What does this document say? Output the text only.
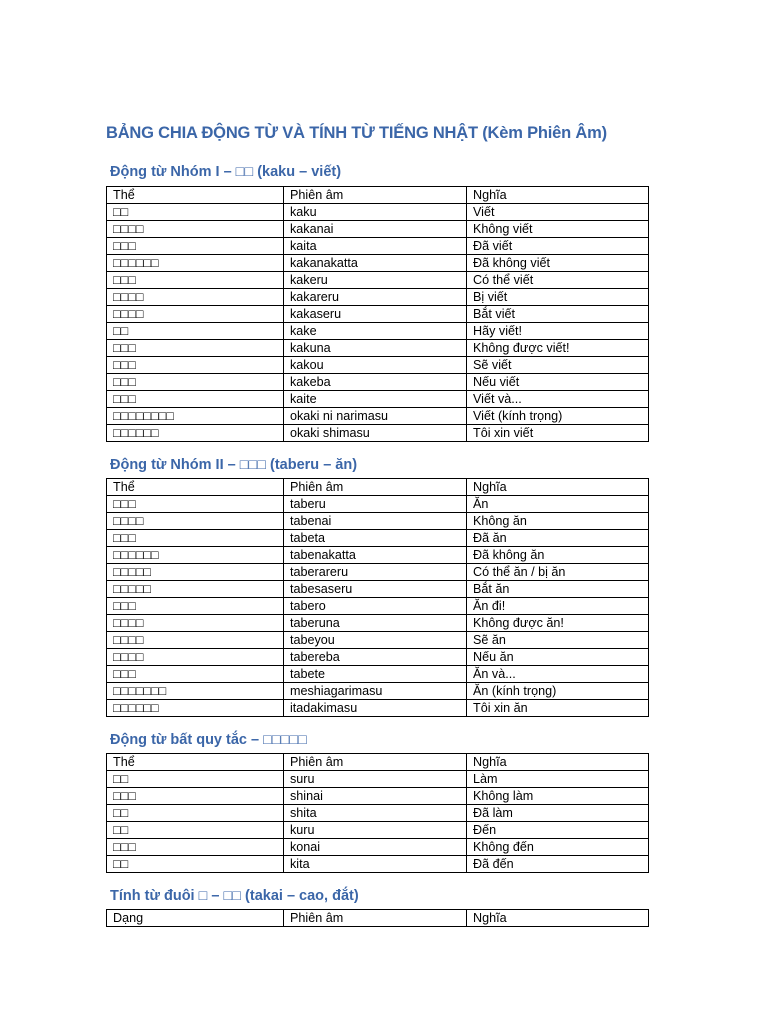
BẢNG CHIA ĐỘNG TỪ VÀ TÍNH TỪ TIẾNG NHẬT (Kèm Phiên Âm)
Động từ Nhóm I – □□ (kaku – viết)
Thể	Phiên âm	Nghĩa
□□	kaku	Viết
□□□□	kakanai	Không viết
□□□	kaita	Đã viết
□□□□□□	kakanakatta	Đã không viết
□□□	kakeru	Có thể viết
□□□□	kakareru	Bị viết
□□□□	kakaseru	Bắt viết
□□	kake	Hãy viết!
□□□	kakuna	Không được viết!
□□□	kakou	Sẽ viết
□□□	kakeba	Nếu viết
□□□	kaite	Viết và...
□□□□□□□□	okaki ni narimasu	Viết (kính trọng)
□□□□□□	okaki shimasu	Tôi xin viết
Động từ Nhóm II – □□□ (taberu – ăn)
Thể	Phiên âm	Nghĩa
□□□	taberu	Ăn
□□□□	tabenai	Không ăn
□□□	tabeta	Đã ăn
□□□□□□	tabenakatta	Đã không ăn
□□□□□	taberareru	Có thể ăn / bị ăn
□□□□□	tabesaseru	Bắt ăn
□□□	tabero	Ăn đi!
□□□□	taberuna	Không được ăn!
□□□□	tabeyou	Sẽ ăn
□□□□	tabereba	Nếu ăn
□□□	tabete	Ăn và...
□□□□□□□	meshiagarimasu	Ăn (kính trọng)
□□□□□□	itadakimasu	Tôi xin ăn
Động từ bất quy tắc – □□□□□
Thể	Phiên âm	Nghĩa
□□	suru	Làm
□□□	shinai	Không làm
□□	shita	Đã làm
□□	kuru	Đến
□□□	konai	Không đến
□□	kita	Đã đến
Tính từ đuôi □ – □□ (takai – cao, đắt)
Dạng	Phiên âm	Nghĩa
